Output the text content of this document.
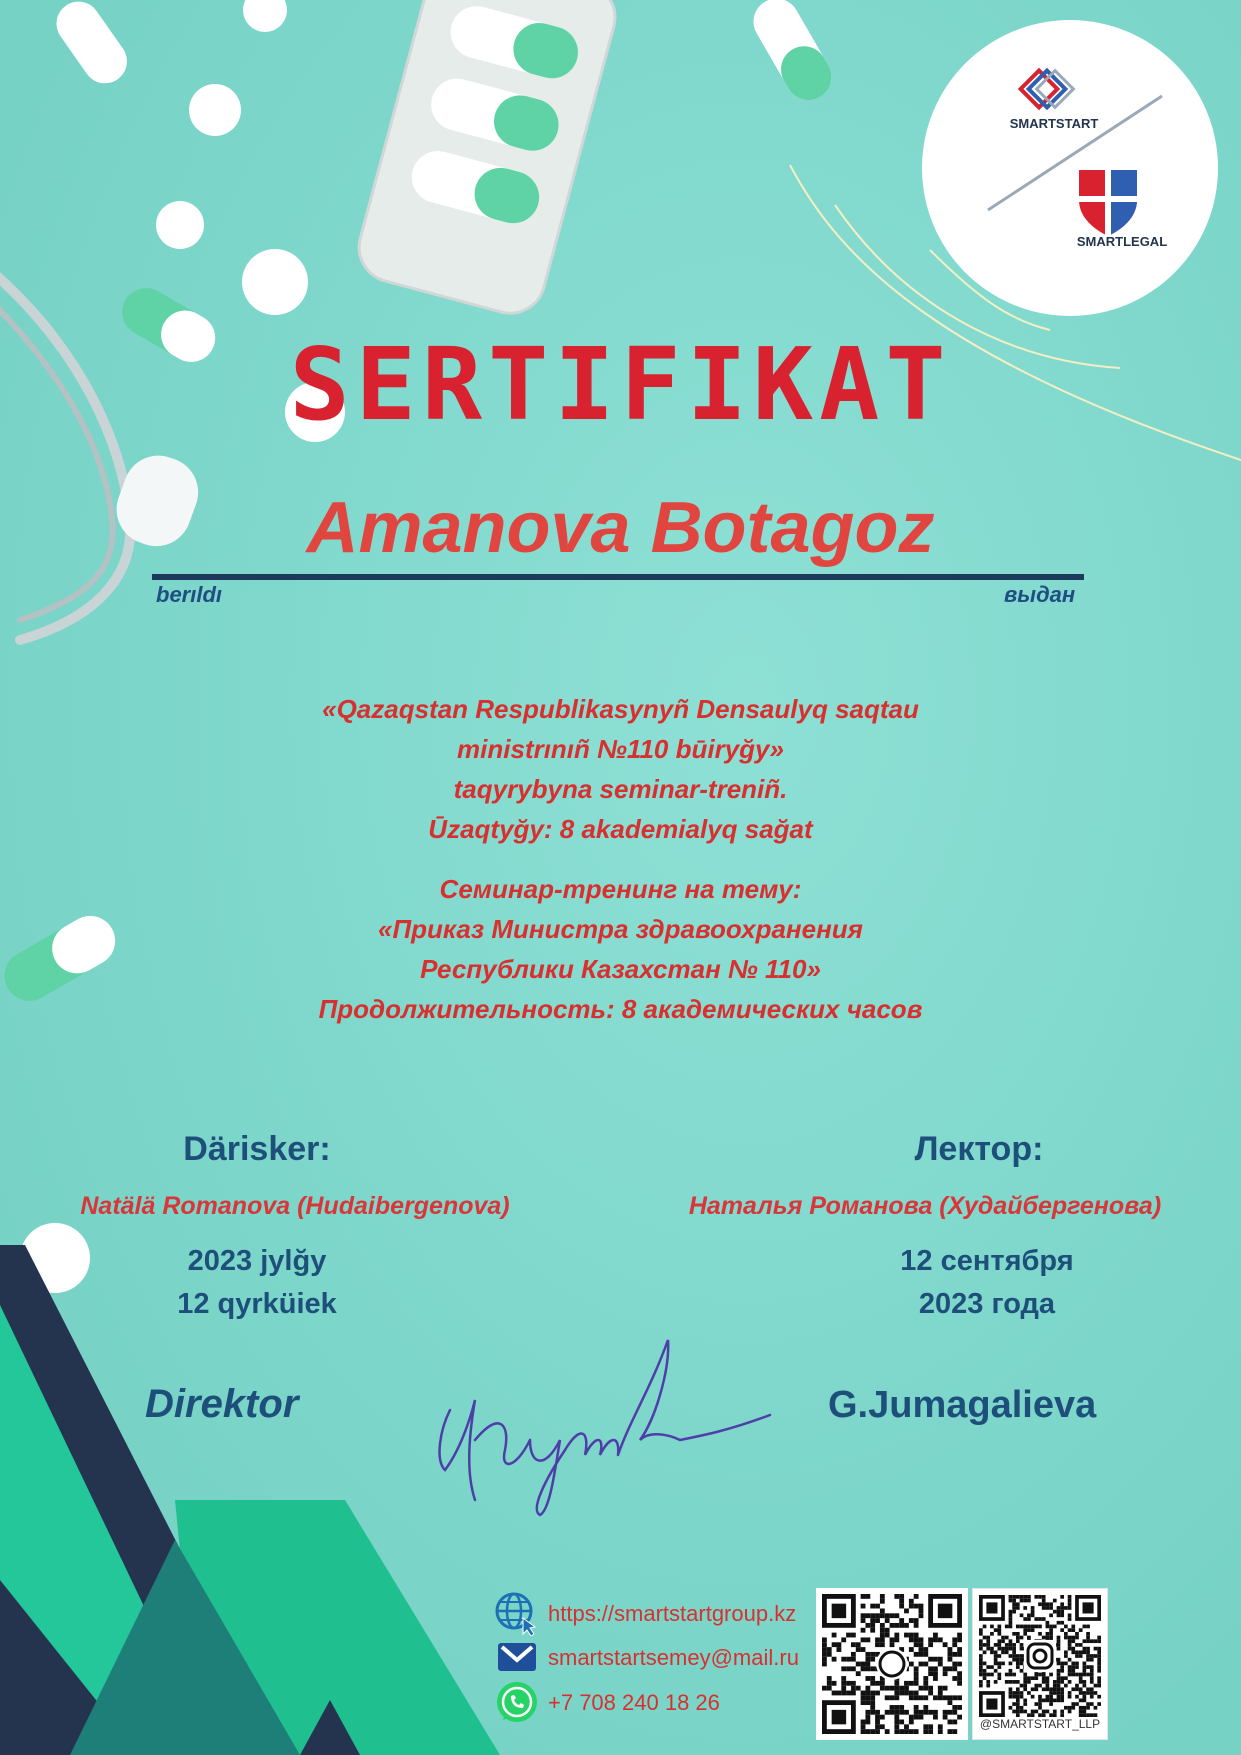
SMARTSTART
SMARTLEGAL
SERTIFIKAT
Amanova Botagoz
berıldı	выдан
«Qazaqstan Respublikasynyñ Densaulyq saqtau
ministrınıñ №110 būiryğy»
taqyrybyna seminar-treniñ.
Ūzaqtyğy: 8 akademialyq sağat
Семинар-тренинг на тему:
«Приказ Министра здравоохранения
Республики Казахстан № 110»
Продолжительность: 8 академических часов
Därisker:	Лектор:
Natälä Romanova (Hudaibergenova)	Наталья Романова (Худайбергенова)
2023 jylğy
12 qyrküiek
12 сентября
2023 года
Direktor	G.Jumagalieva
https://smartstartgroup.kz
smartstartsemey@mail.ru
+7 708 240 18 26
@SMARTSTART_LLP
